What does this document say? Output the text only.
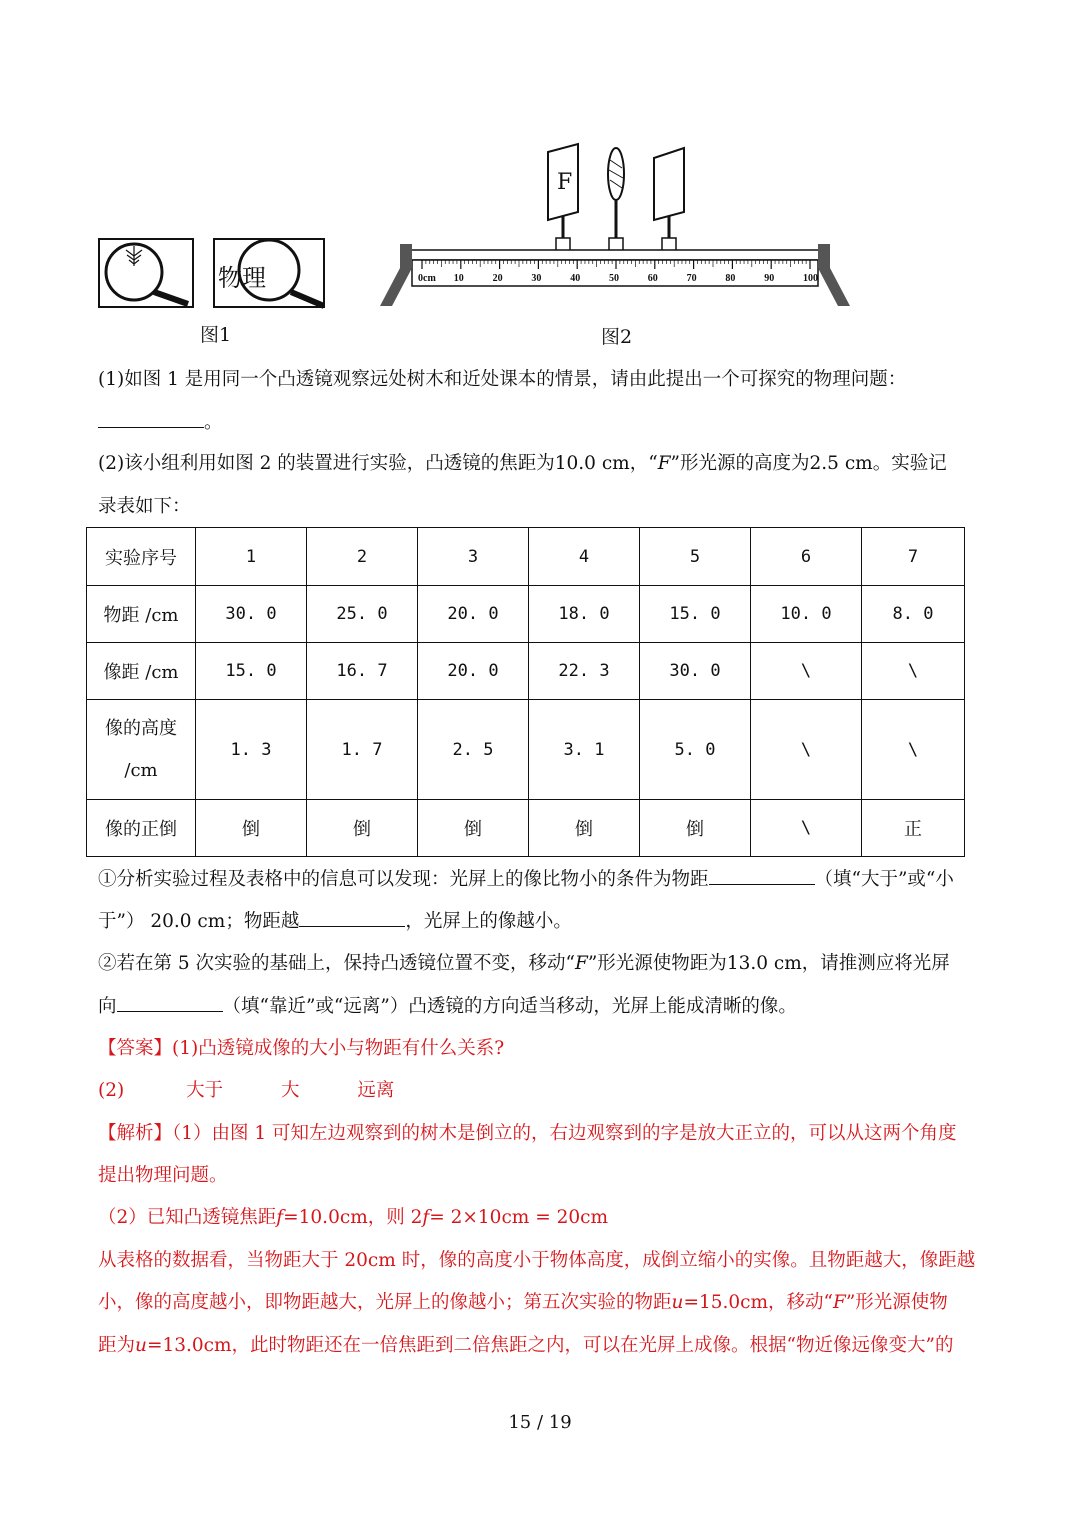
物理
图1
F
0cm 10	20	30	40	50	60	70	80	90	100
图2
(1)如图 1 是用同一个凸透镜观察远处树木和近处课本的情景，请由此提出一个可探究的物理问题：
。
(2)该小组利用如图 2 的装置进行实验，凸透镜的焦距为10.0 cm，“F”形光源的高度为2.5 cm。实验记
录表如下：
实验序号	1	2	3	4	5	6	7
物距 /cm	30. 0	25. 0	20. 0	18. 0	15. 0	10. 0	8. 0
像距 /cm	15. 0	16. 7	20. 0	22. 3	30. 0	\	\

像的高度
/cm	1. 3	1. 7	2. 5	3. 1	5. 0	\	\
像的正倒	倒	倒	倒	倒	倒	\	正
①分析实验过程及表格中的信息可以发现：光屏上的像比物小的条件为物距	（填“大于”或“小
于”） 20.0 cm；物距越	，光屏上的像越小。
②若在第 5 次实验的基础上，保持凸透镜位置不变，移动“F”形光源使物距为13.0 cm，请推测应将光屏
向	（填“靠近”或“远离”）凸透镜的方向适当移动，光屏上能成清晰的像。
【答案】(1)凸透镜成像的大小与物距有什么关系?
(2)	大于	大	远离
【解析】（1）由图 1 可知左边观察到的树木是倒立的，右边观察到的字是放大正立的，可以从这两个角度
提出物理问题。
（2）已知凸透镜焦距f=10.0cm，则 2f= 2×10cm = 20cm
从表格的数据看，当物距大于 20cm 时，像的高度小于物体高度，成倒立缩小的实像。且物距越大，像距越
小，像的高度越小，即物距越大，光屏上的像越小；第五次实验的物距u=15.0cm，移动“F”形光源使物
距为u=13.0cm，此时物距还在一倍焦距到二倍焦距之内，可以在光屏上成像。根据“物近像远像变大”的
15 / 19
